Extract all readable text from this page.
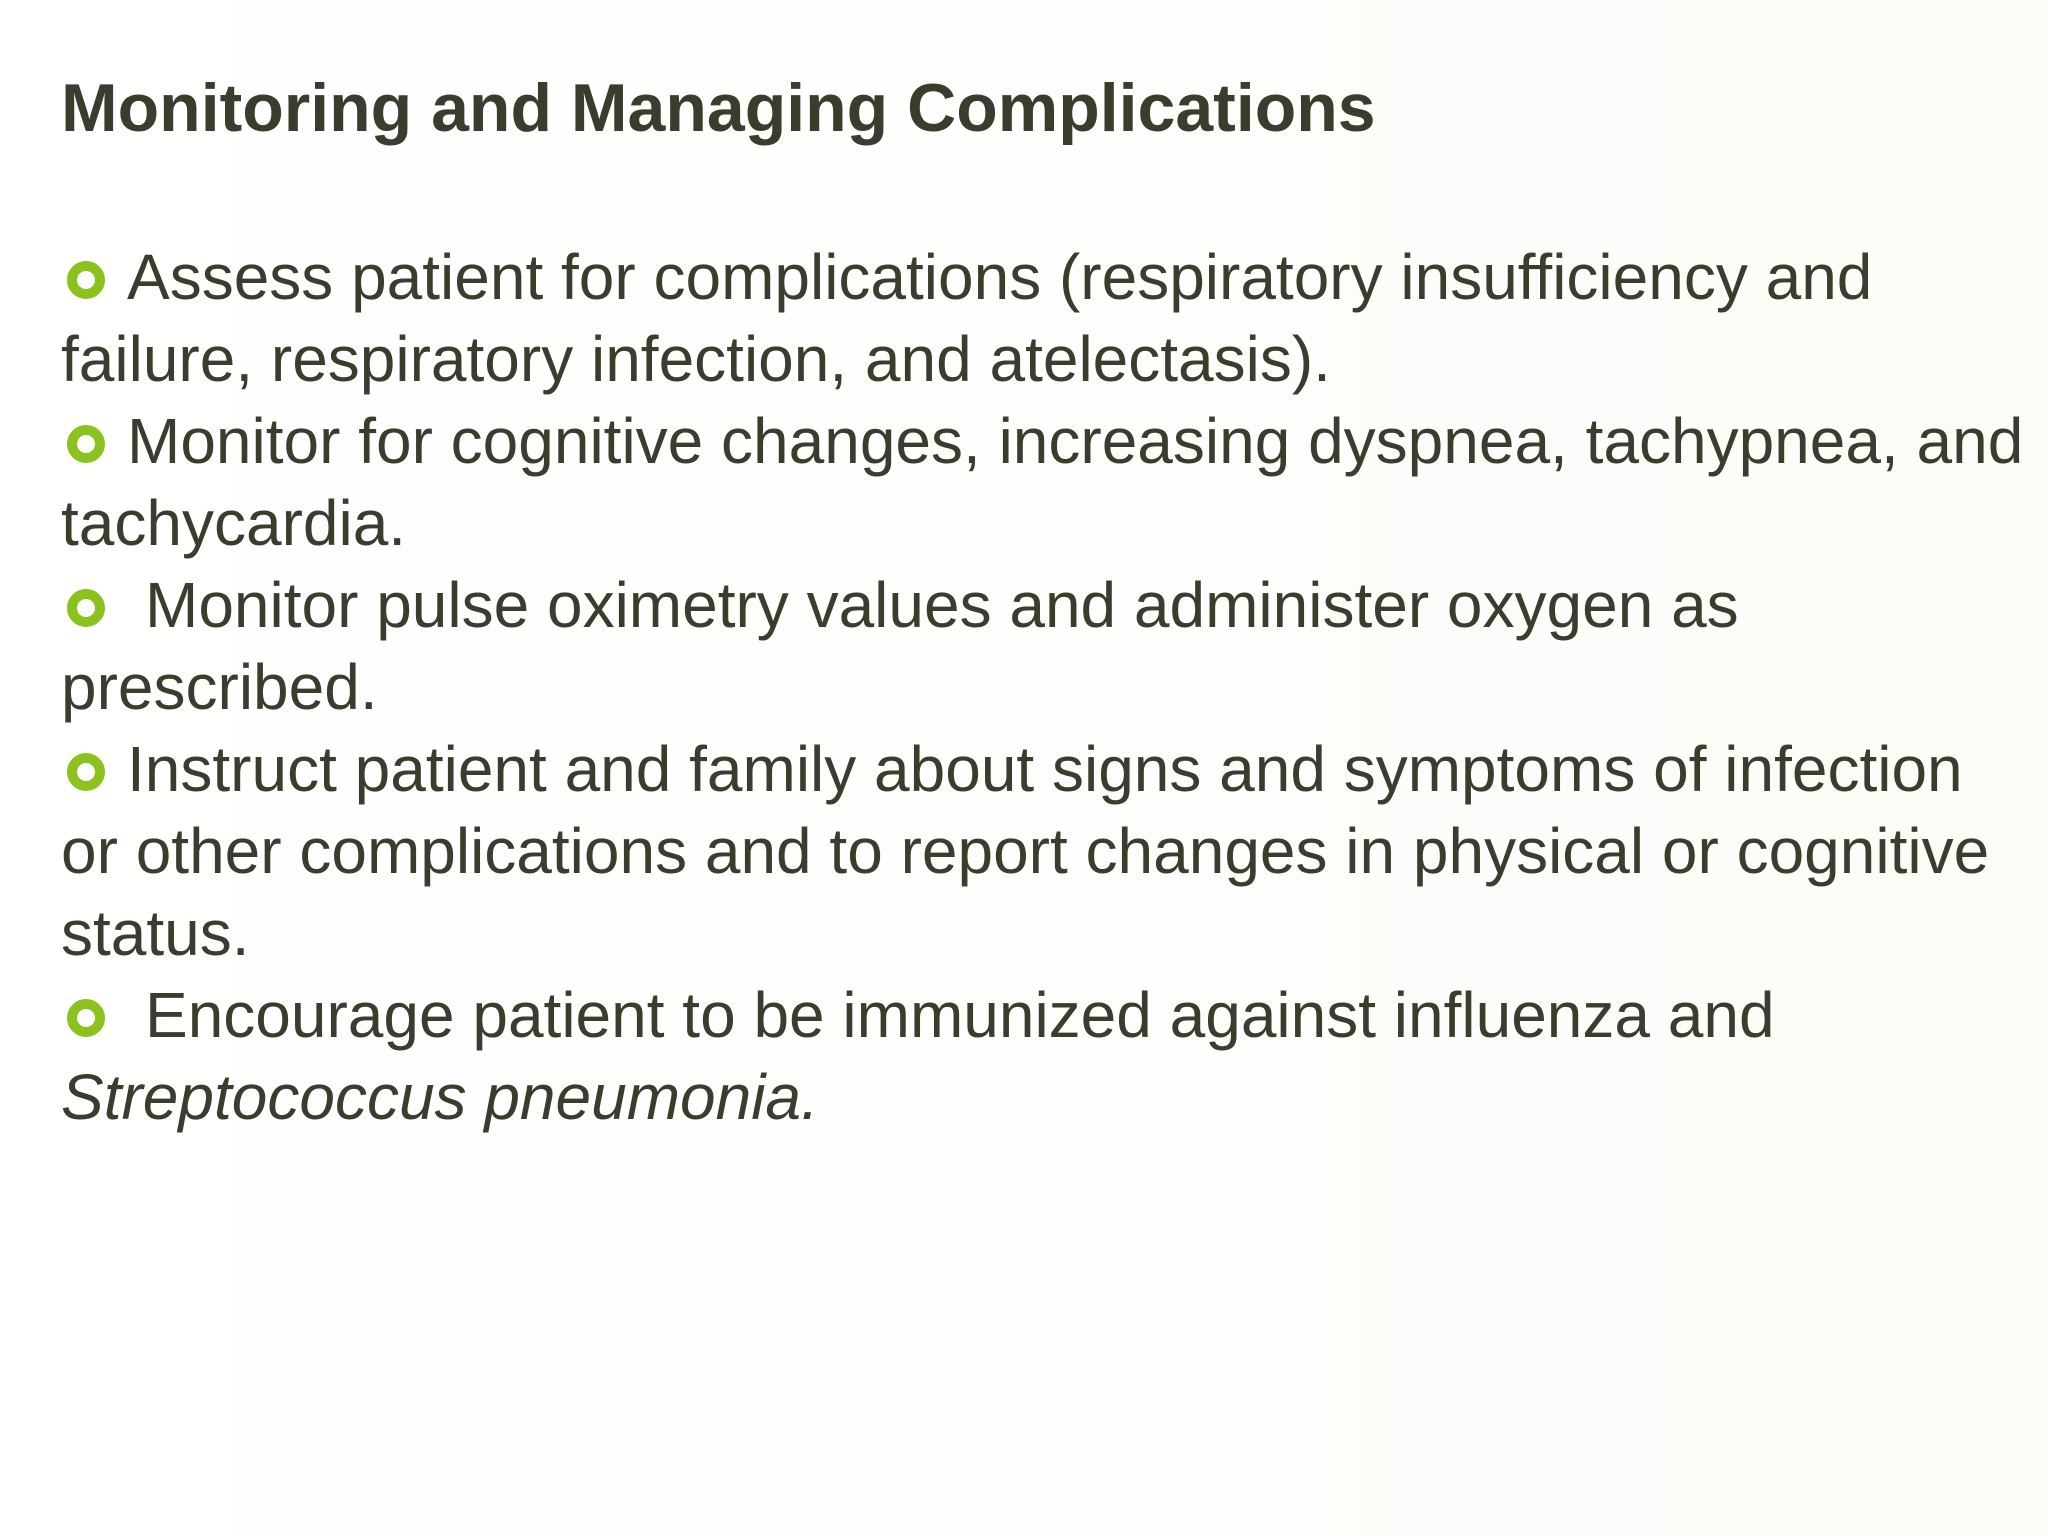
Monitoring and Managing Complications
Assess patient for complications (respiratory insufficiency and failure, respiratory infection, and atelectasis).
Monitor for cognitive changes, increasing dyspnea, tachypnea, and tachycardia.
Monitor pulse oximetry values and administer oxygen as prescribed.
Instruct patient and family about signs and symptoms of infection or other complications and to report changes in physical or cognitive status.
Encourage patient to be immunized against influenza and Streptococcus pneumonia.
